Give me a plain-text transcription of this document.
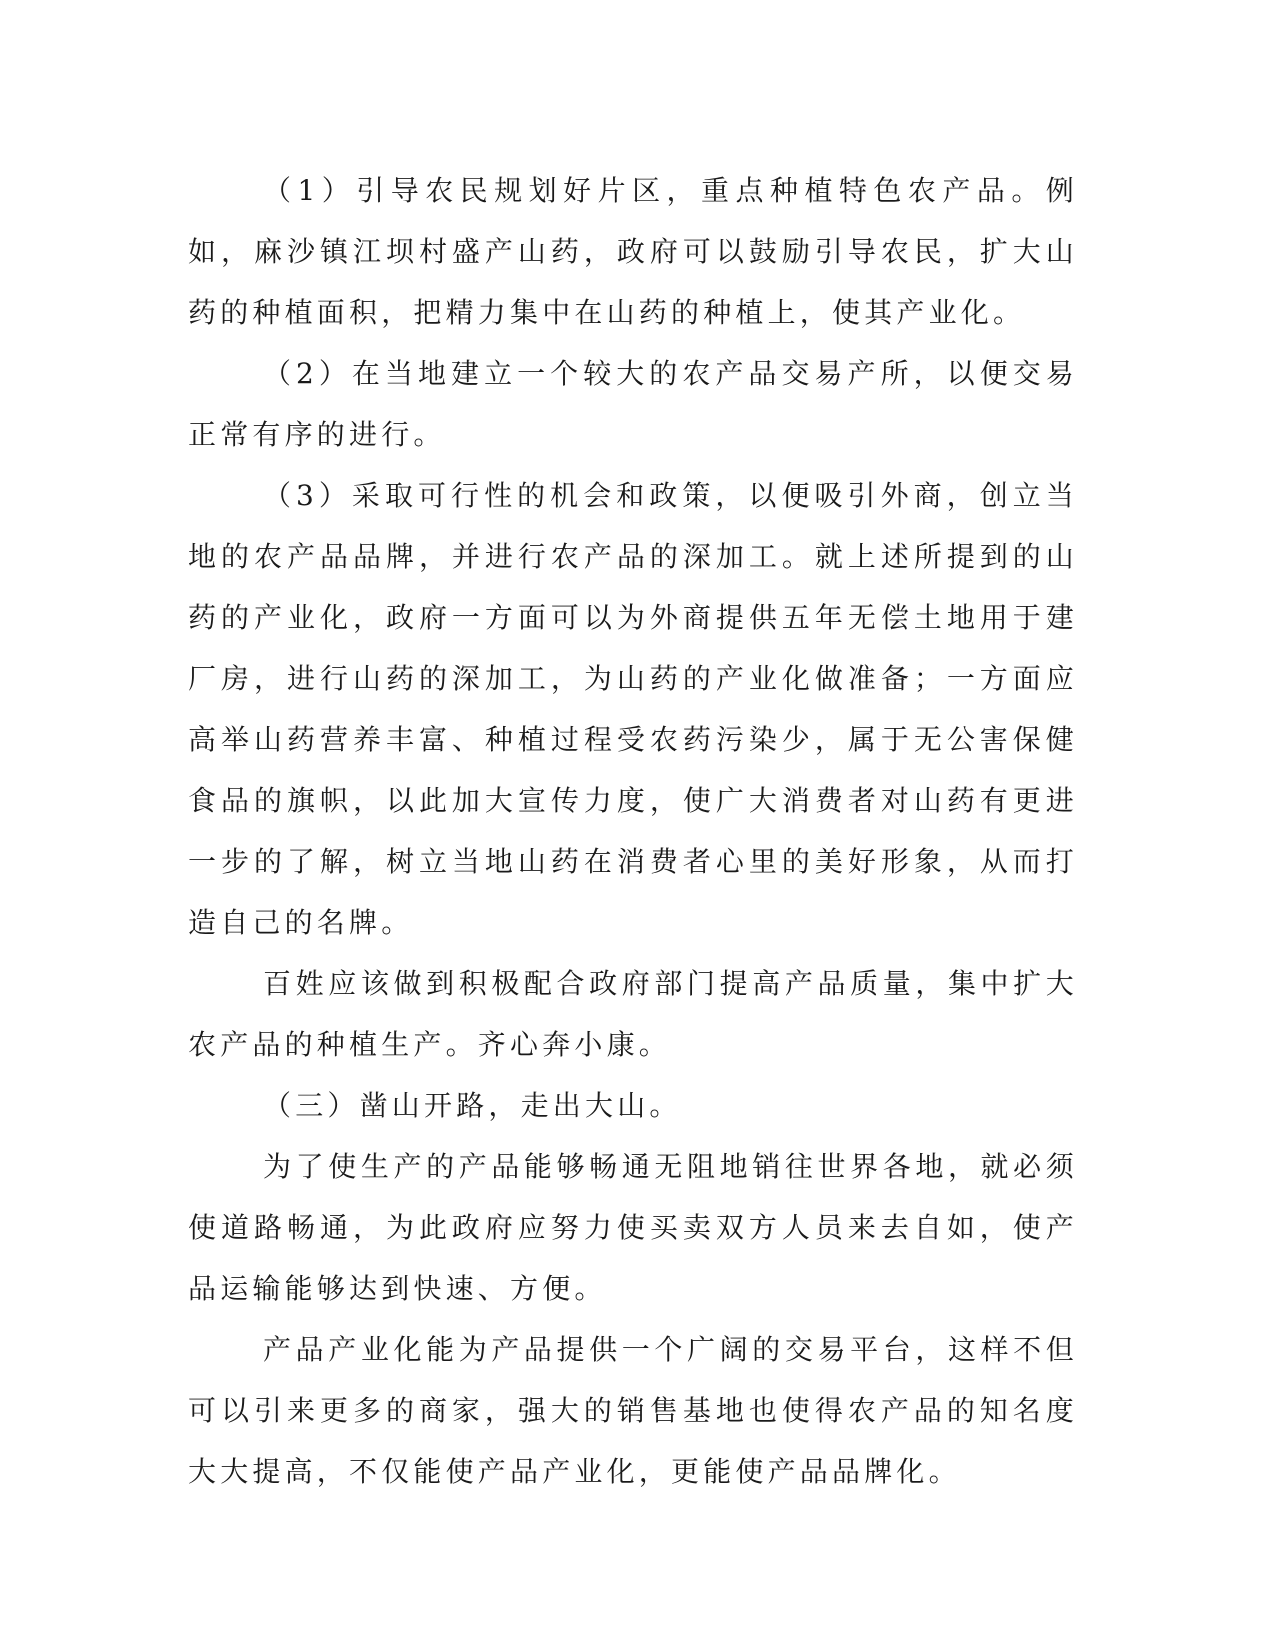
（1）引导农民规划好片区，重点种植特色农产品。例如，麻沙镇江坝村盛产山药，政府可以鼓励引导农民，扩大山药的种植面积，把精力集中在山药的种植上，使其产业化。

（2）在当地建立一个较大的农产品交易产所，以便交易正常有序的进行。

（3）采取可行性的机会和政策，以便吸引外商，创立当地的农产品品牌，并进行农产品的深加工。就上述所提到的山药的产业化，政府一方面可以为外商提供五年无偿土地用于建厂房，进行山药的深加工，为山药的产业化做准备；一方面应高举山药营养丰富、种植过程受农药污染少，属于无公害保健食品的旗帜，以此加大宣传力度，使广大消费者对山药有更进一步的了解，树立当地山药在消费者心里的美好形象，从而打造自己的名牌。

百姓应该做到积极配合政府部门提高产品质量，集中扩大农产品的种植生产。齐心奔小康。

（三）凿山开路，走出大山。

为了使生产的产品能够畅通无阻地销往世界各地，就必须使道路畅通，为此政府应努力使买卖双方人员来去自如，使产品运输能够达到快速、方便。

产品产业化能为产品提供一个广阔的交易平台，这样不但可以引来更多的商家，强大的销售基地也使得农产品的知名度大大提高，不仅能使产品产业化，更能使产品品牌化。
